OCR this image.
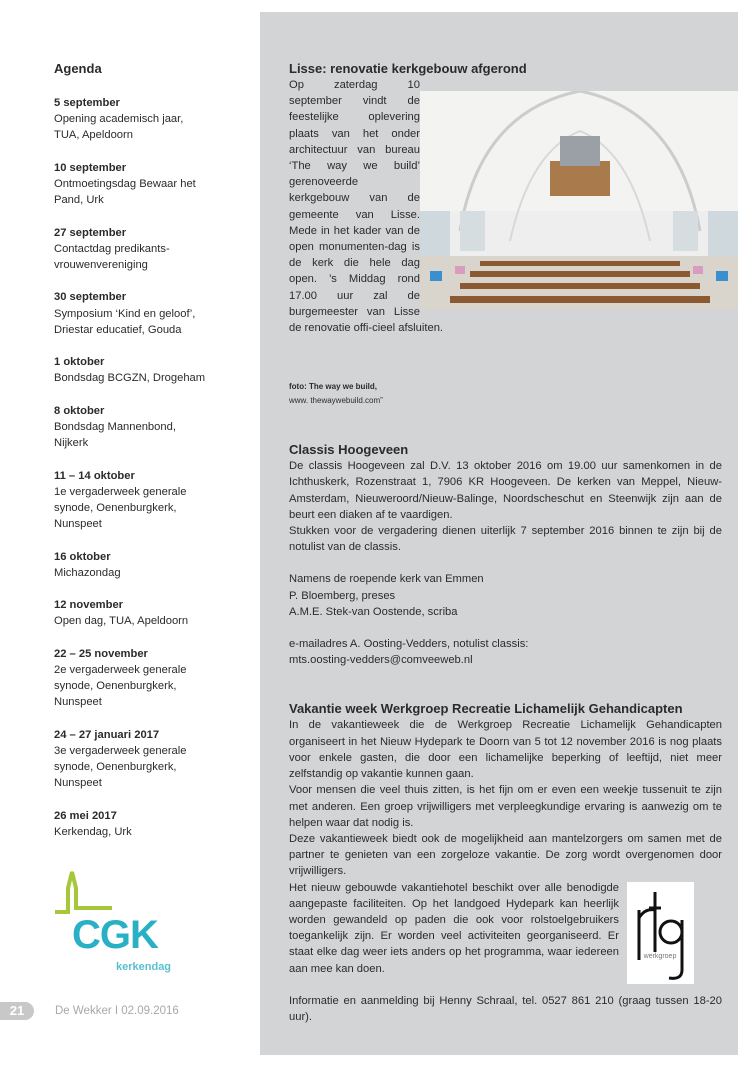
Agenda
5 september
Opening academisch jaar,
TUA, Apeldoorn
10 september
Ontmoetingsdag Bewaar het
Pand, Urk
27 september
Contactdag predikants-
vrouwenvereniging
30 september
Symposium ‘Kind en geloof’,
Driestar educatief, Gouda
1 oktober
Bondsdag BCGZN, Drogeham
8 oktober
Bondsdag Mannenbond,
Nijkerk
11 – 14 oktober
1e vergaderweek generale
synode, Oenenburgkerk,
Nunspeet
16 oktober
Michazondag
12 november
Open dag, TUA, Apeldoorn
22 – 25 november
2e vergaderweek generale
synode, Oenenburgkerk,
Nunspeet
24 – 27 januari 2017
3e vergaderweek generale
synode, Oenenburgkerk,
Nunspeet
26 mei 2017
Kerkendag, Urk
Lisse: renovatie kerkgebouw afgerond

Op zaterdag 10 september vindt de feestelijke oplevering plaats van het onder architectuur van bureau ‘The way we build’ gerenoveerde kerkgebouw van de gemeente van Lisse. Mede in het kader van de open monumenten-dag is de kerk die hele dag open. ’s Middag rond 17.00 uur zal de burgemeester van Lisse de renovatie offi-cieel afsluiten.

foto: The way we build, www. thewaywebuild.com”
Classis Hoogeveen

De classis Hoogeveen zal D.V. 13 oktober 2016 om 19.00 uur samenkomen in de Ichthuskerk, Rozenstraat 1, 7906 KR Hoogeveen. De kerken van Meppel, Nieuw-Amsterdam, Nieuweroord/Nieuw-Balinge, Noordscheschut en Steenwijk zijn aan de beurt een diaken af te vaardigen.

Stukken voor de vergadering dienen uiterlijk 7 september 2016 binnen te zijn bij de notulist van de classis.

Namens de roepende kerk van Emmen
P. Bloemberg, preses
A.M.E. Stek-van Oostende, scriba

e-mailadres A. Oosting-Vedders, notulist classis:

mts.oosting-vedders@comveeweb.nl

Vakantie week Werkgroep Recreatie Lichamelijk Gehandicapten

In de vakantieweek die de Werkgroep Recreatie Lichamelijk Gehandicapten organiseert in het Nieuw Hydepark te Doorn van 5 tot 12 november 2016 is nog plaats voor enkele gasten, die door een lichamelijke beperking of leeftijd, niet meer zelfstandig op vakantie kunnen gaan.

Voor mensen die veel thuis zitten, is het fijn om er even een weekje tussenuit te zijn met anderen. Een groep vrijwilligers met verpleegkundige ervaring is aanwezig om te helpen waar dat nodig is.

Deze vakantieweek biedt ook de mogelijkheid aan mantelzorgers om samen met de partner te genieten van een zorgeloze vakantie. De zorg wordt overgenomen door vrijwilligers.

werkgroep

Het nieuw gebouwde vakantiehotel beschikt over alle benodigde aangepaste faciliteiten. Op het landgoed Hydepark kan heerlijk worden gewandeld op paden die ook voor rolstoelgebruikers toegankelijk zijn. Er worden veel activiteiten georganiseerd. Er staat elke dag weer iets anders op het programma, waar iedereen aan mee kan doen.

Informatie en aanmelding bij Henny Schraal, tel. 0527 861 210 (graag tussen 18-20 uur).

CGK
kerkendag
21	De Wekker I 02.09.2016
